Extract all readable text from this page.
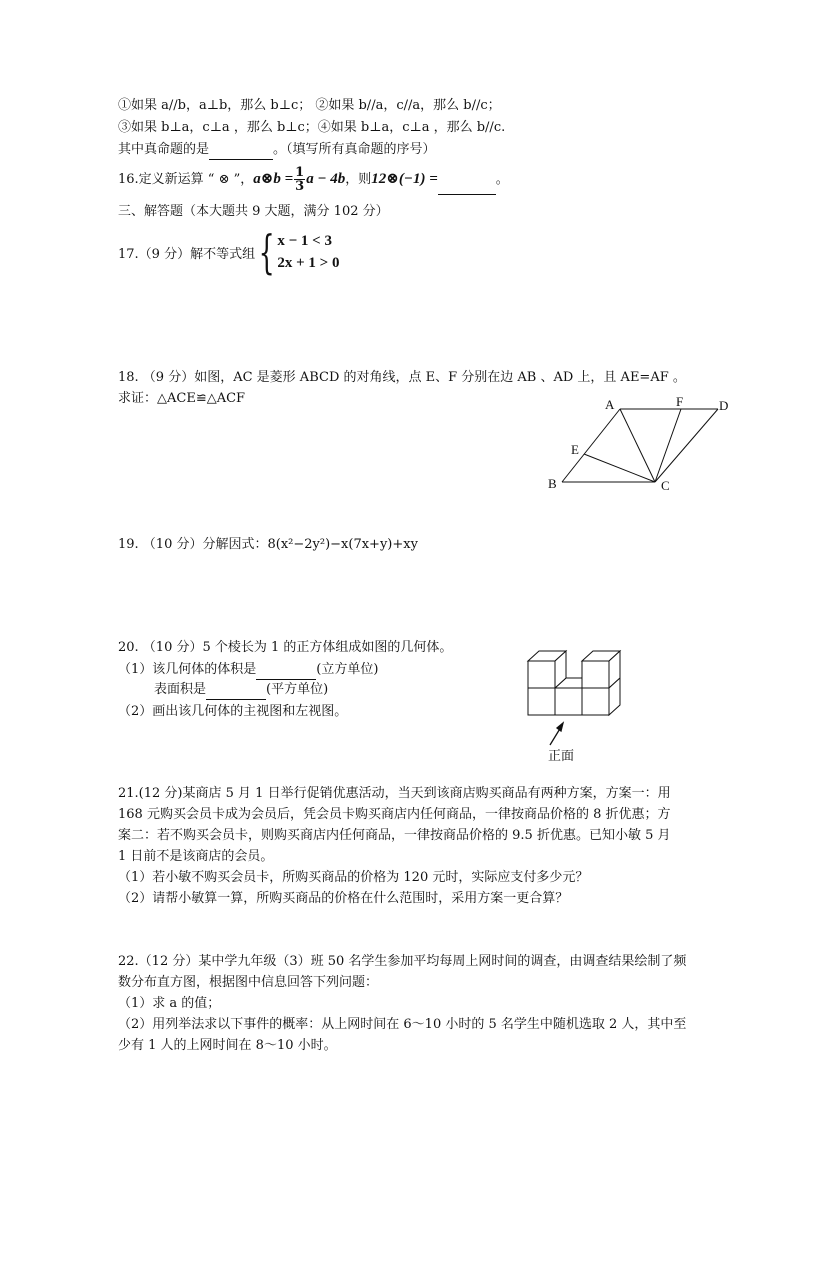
①如果 a//b，a⊥b，那么 b⊥c； ②如果 b//a，c//a，那么 b//c；
③如果 b⊥a，c⊥a ，那么 b⊥c；④如果 b⊥a，c⊥a ，那么 b//c.
其中真命题的是	。（填写所有真命题的序号）
16.定义新运算 “ ⊗ ”，a⊗b = $\frac{1}{3}$ a − 4b，则12⊗(−1) =	。
三、解答题（本大题共 9 大题，满分 102 分）
17.（9 分）解不等式组 { x − 1 < 3
2x + 1 > 0
18. （9 分）如图，AC 是菱形 ABCD 的对角线，点 E、F 分别在边 AB 、AD 上，且 AE=AF 。
求证：△ACE≌△ACF	A	F	D
E
B	C
19. （10 分）分解因式：8(x²−2y²)−x(7x+y)+xy
20. （10 分）5 个棱长为 1 的正方体组成如图的几何体。
（1）该几何体的体积是	(立方单位)
表面积是	(平方单位)
（2）画出该几何体的主视图和左视图。
正面
21.(12 分)某商店 5 月 1 日举行促销优惠活动，当天到该商店购买商品有两种方案，方案一：用
168 元购买会员卡成为会员后，凭会员卡购买商店内任何商品，一律按商品价格的 8 折优惠；方
案二：若不购买会员卡，则购买商店内任何商品，一律按商品价格的 9.5 折优惠。已知小敏 5 月
1 日前不是该商店的会员。
（1）若小敏不购买会员卡，所购买商品的价格为 120 元时，实际应支付多少元？
（2）请帮小敏算一算，所购买商品的价格在什么范围时，采用方案一更合算？
22.（12 分）某中学九年级（3）班 50 名学生参加平均每周上网时间的调查，由调查结果绘制了频
数分布直方图，根据图中信息回答下列问题：
（1）求 a 的值；
（2）用列举法求以下事件的概率：从上网时间在 6～10 小时的 5 名学生中随机选取 2 人，其中至
少有 1 人的上网时间在 8～10 小时。
